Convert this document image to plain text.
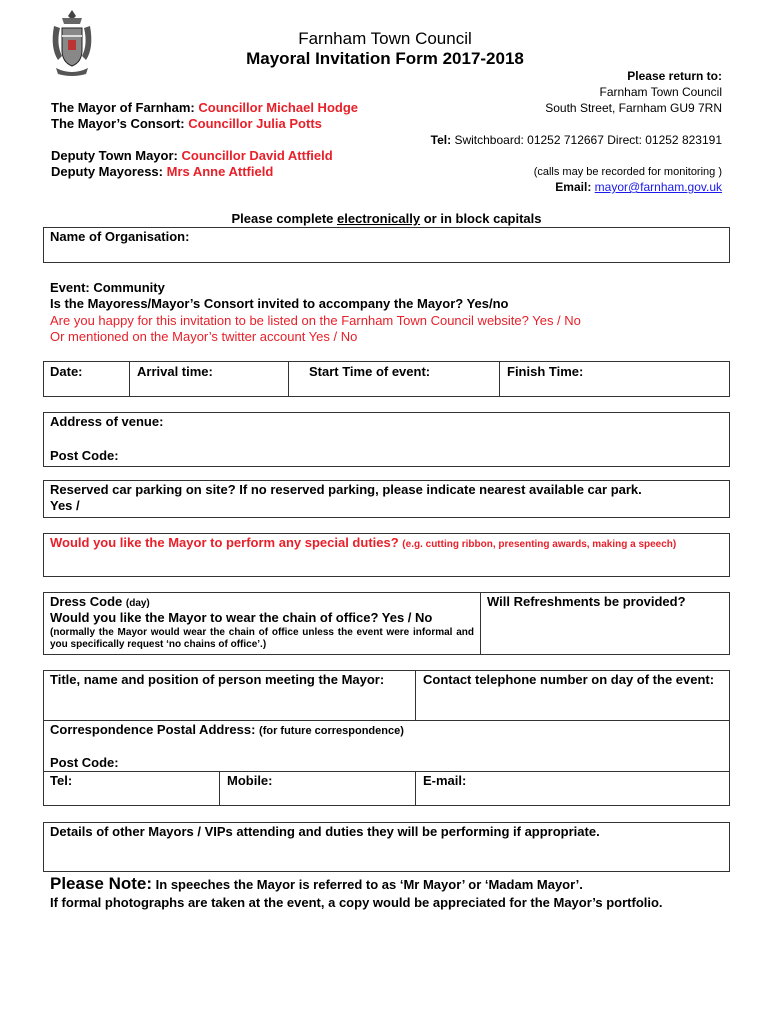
Farnham Town Council
Mayoral Invitation Form 2017-2018
Please return to:
Farnham Town Council
South Street, Farnham GU9 7RN
Tel: Switchboard: 01252 712667 Direct: 01252 823191
(calls may be recorded for monitoring )
Email: mayor@farnham.gov.uk
The Mayor of Farnham: Councillor Michael Hodge
The Mayor’s Consort: Councillor Julia Potts
Deputy Town Mayor: Councillor David Attfield
Deputy Mayoress: Mrs Anne Attfield
Please complete electronically or in block capitals
Name of Organisation:
Event: Community
Is the Mayoress/Mayor’s Consort invited to accompany the Mayor? Yes/no
Are you happy for this invitation to be listed on the Farnham Town Council website? Yes / No
Or mentioned on the Mayor’s twitter account Yes / No
Date:	Arrival time:	Start Time of event:	Finish Time:
Address of venue:
Post Code:
Reserved car parking on site? If no reserved parking, please indicate nearest available car park.
Yes /
Would you like the Mayor to perform any special duties? (e.g. cutting ribbon, presenting awards, making a speech)
Dress Code (day)
Would you like the Mayor to wear the chain of office? Yes / No
(normally the Mayor would wear the chain of office unless the event were informal and you specifically request ‘no chains of office’.)
Will Refreshments be provided?
Title, name and position of person meeting the Mayor:	Contact telephone number on day of the event:
Correspondence Postal Address: (for future correspondence)
Post Code:
Tel:	Mobile:	E-mail:
Details of other Mayors / VIPs attending and duties they will be performing if appropriate.
Please Note: In speeches the Mayor is referred to as ‘Mr Mayor’ or ‘Madam Mayor’.
If formal photographs are taken at the event, a copy would be appreciated for the Mayor’s portfolio.
